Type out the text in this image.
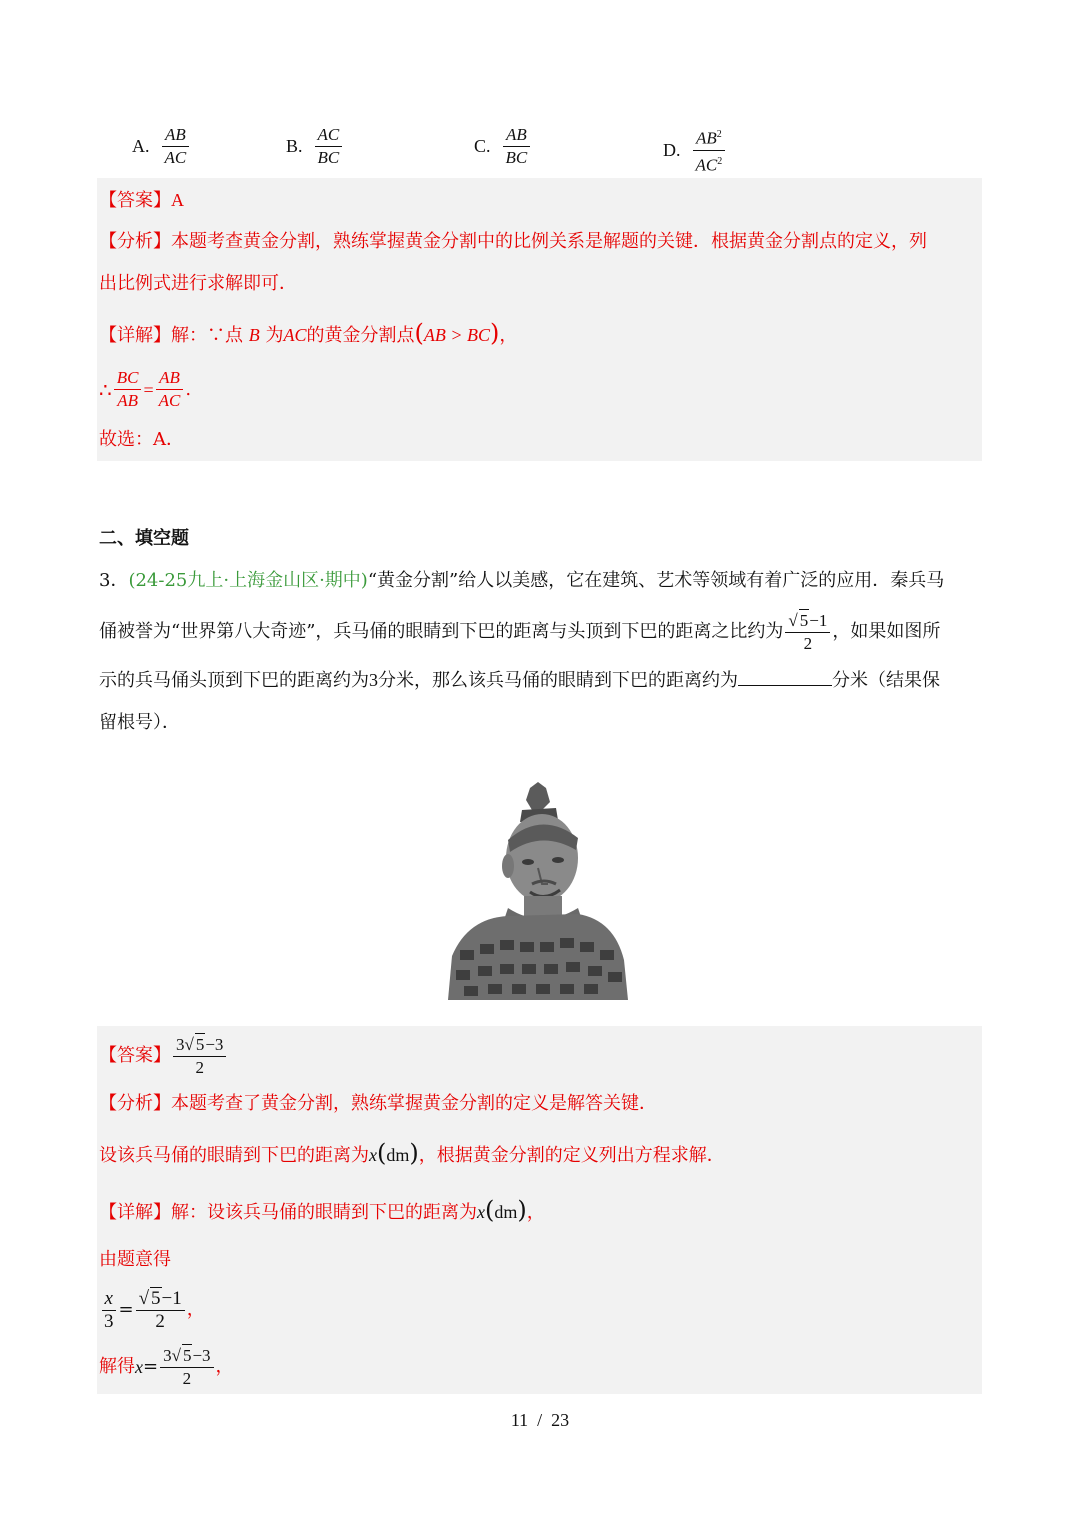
A. $\frac{AB}{AC}$	B. $\frac{AC}{BC}$	C. $\frac{AB}{BC}$	D. $\frac{AB^2}{AC^2}$
【答案】A
【分析】本题考查黄金分割，熟练掌握黄金分割中的比例关系是解题的关键．根据黄金分割点的定义，列
出比例式进行求解即可．
【详解】解：∵点 B 为AC的黄金分割点(AB > BC)，
∴ $\frac{BC}{AB} = \frac{AB}{AC}$ .
故选：A．
二、填空题
3．(24-25九上·上海金山区·期中)“黄金分割”给人以美感，它在建筑、艺术等领域有着广泛的应用．秦兵马
俑被誉为“世界第八大奇迹”，兵马俑的眼睛到下巴的距离与头顶到下巴的距离之比约为 $\frac{√ 5-1}{2}$ ，如果如图所
示的兵马俑头顶到下巴的距离约为3分米，那么该兵马俑的眼睛到下巴的距离约为	分米（结果保
留根号）．
【答案】 $\frac{3√ 5-3}{2}$
【分析】本题考查了黄金分割，熟练掌握黄金分割的定义是解答关键．
设该兵马俑的眼睛到下巴的距离为x(dm)，根据黄金分割的定义列出方程求解．
【详解】解：设该兵马俑的眼睛到下巴的距离为x(dm)，
由题意得
$\frac{x}{3} = \frac{√ 5-1}{2}$ ，
解得 $x = \frac{3√ 5-3}{2}$ ，
11 / 23
